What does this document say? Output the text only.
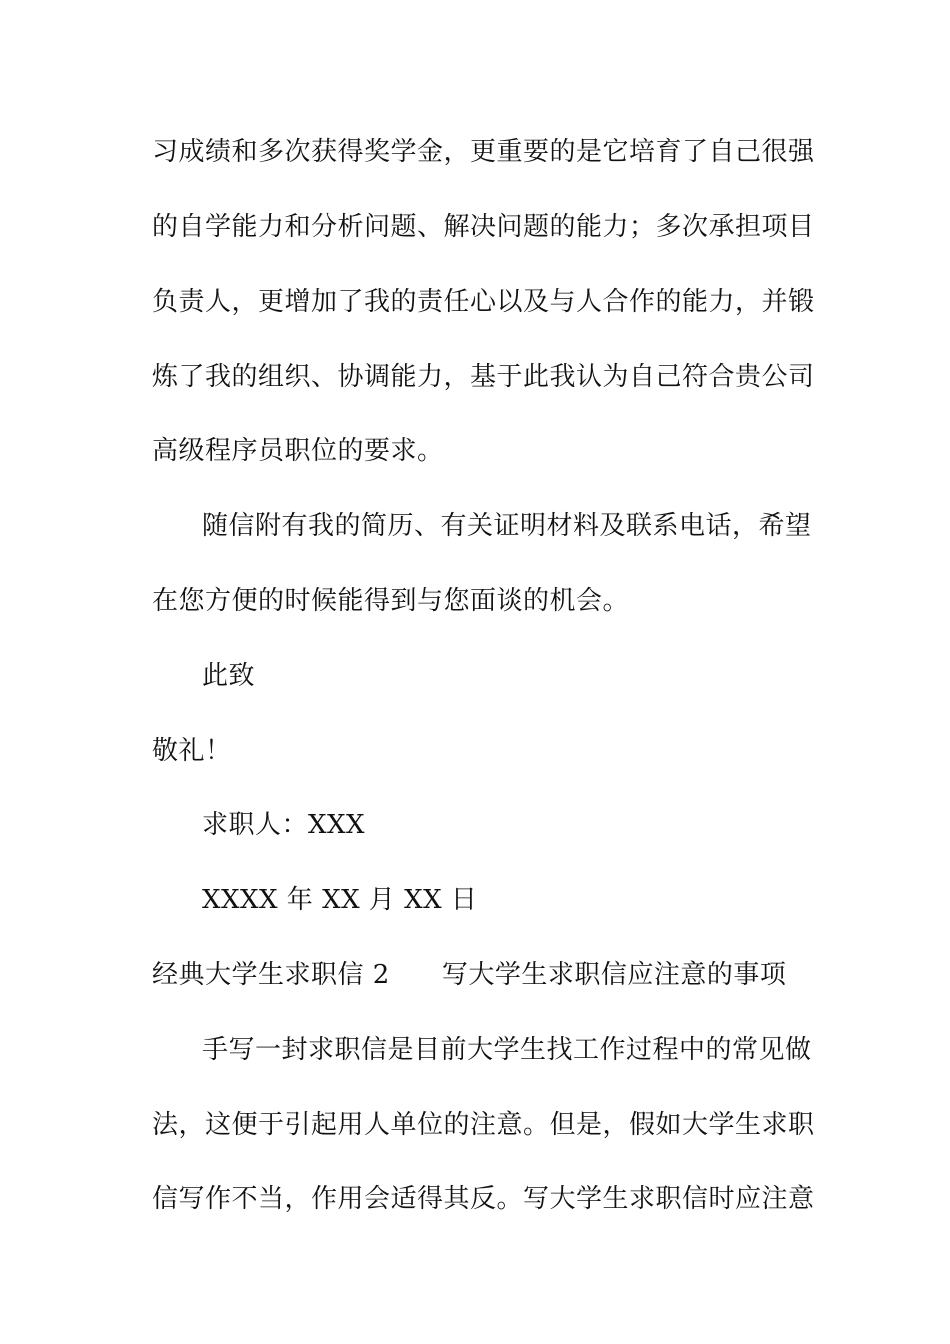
习成绩和多次获得奖学金，更重要的是它培育了自己很强
的自学能力和分析问题、解决问题的能力；多次承担项目
负责人，更增加了我的责任心以及与人合作的能力，并锻
炼了我的组织、协调能力，基于此我认为自己符合贵公司
高级程序员职位的要求。
随信附有我的简历、有关证明材料及联系电话，希望
在您方便的时候能得到与您面谈的机会。
此致
敬礼！
求职人：XXX
XXXX 年 XX 月 XX 日
经典大学生求职信 2 写大学生求职信应注意的事项
手写一封求职信是目前大学生找工作过程中的常见做
法，这便于引起用人单位的注意。但是，假如大学生求职
信写作不当，作用会适得其反。写大学生求职信时应注意
